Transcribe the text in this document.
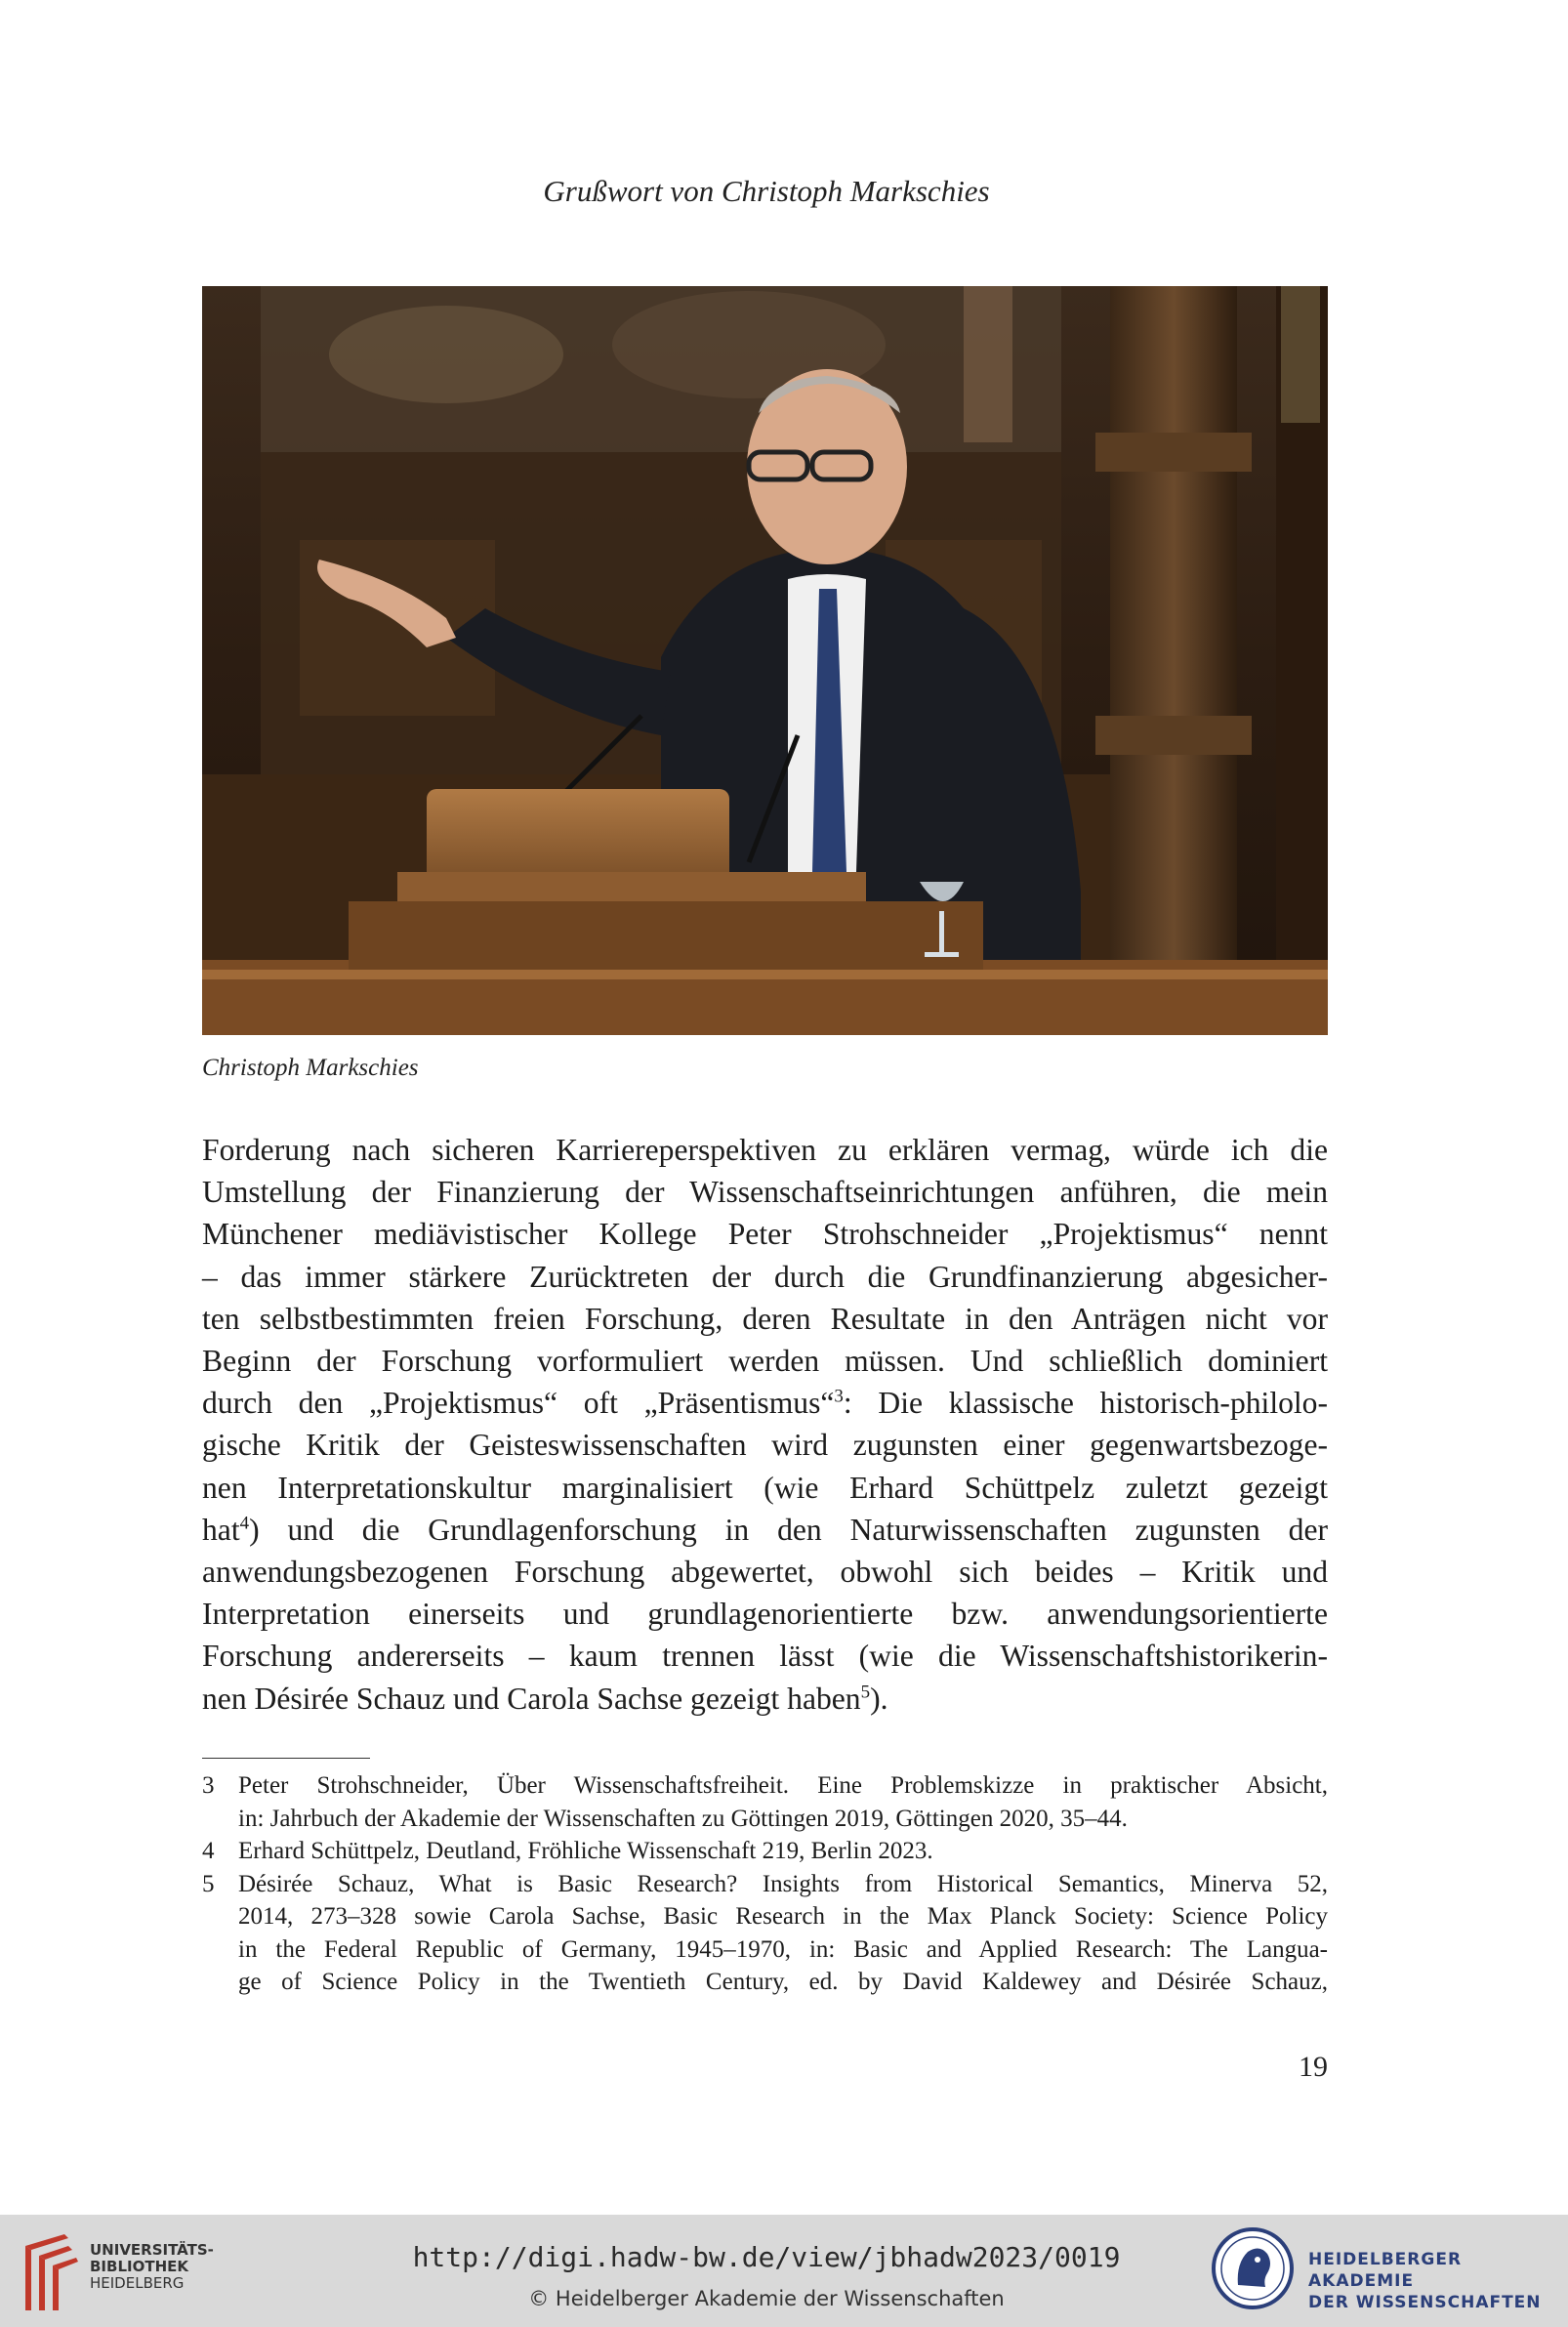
Grußwort von Christoph Markschies
Christoph Markschies
Forderung nach sicheren Karriereperspektiven zu erklären vermag, würde ich die
Umstellung der Finanzierung der Wissenschaftseinrichtungen anführen, die mein
Münchener mediävistischer Kollege Peter Strohschneider „Projektismus“ nennt
– das immer stärkere Zurücktreten der durch die Grundfinanzierung abgesicher-
ten selbstbestimmten freien Forschung, deren Resultate in den Anträgen nicht vor
Beginn der Forschung vorformuliert werden müssen. Und schließlich dominiert
durch den „Projektismus“ oft „Präsentismus“$^3$: Die klassische historisch-philolo-
gische Kritik der Geisteswissenschaften wird zugunsten einer gegenwartsbezoge-
nen Interpretationskultur marginalisiert (wie Erhard Schüttpelz zuletzt gezeigt
hat$^4$) und die Grundlagenforschung in den Naturwissenschaften zugunsten der
anwendungsbezogenen Forschung abgewertet, obwohl sich beides – Kritik und
Interpretation einerseits und grundlagenorientierte bzw. anwendungsorientierte
Forschung andererseits – kaum trennen lässt (wie die Wissenschaftshistorikerin-
nen Désirée Schauz und Carola Sachse gezeigt haben$^5$).
3 Peter Strohschneider, Über Wissenschaftsfreiheit. Eine Problemskizze in praktischer Absicht,
in: Jahrbuch der Akademie der Wissenschaften zu Göttingen 2019, Göttingen 2020, 35–44.
4 Erhard Schüttpelz, Deutland, Fröhliche Wissenschaft 219, Berlin 2023.
5 Désirée Schauz, What is Basic Research? Insights from Historical Semantics, Minerva 52,
2014, 273–328 sowie Carola Sachse, Basic Research in the Max Planck Society: Science Policy
in the Federal Republic of Germany, 1945–1970, in: Basic and Applied Research: The Langua-
ge of Science Policy in the Twentieth Century, ed. by David Kaldewey and Désirée Schauz,
19
UNIVERSITÄTS-
BIBLIOTHEK
HEIDELBERG
http://digi.hadw-bw.de/view/jbhadw2023/0019
© Heidelberger Akademie der Wissenschaften
HEIDELBERGER AKADEMIE
DER WISSENSCHAFTEN
